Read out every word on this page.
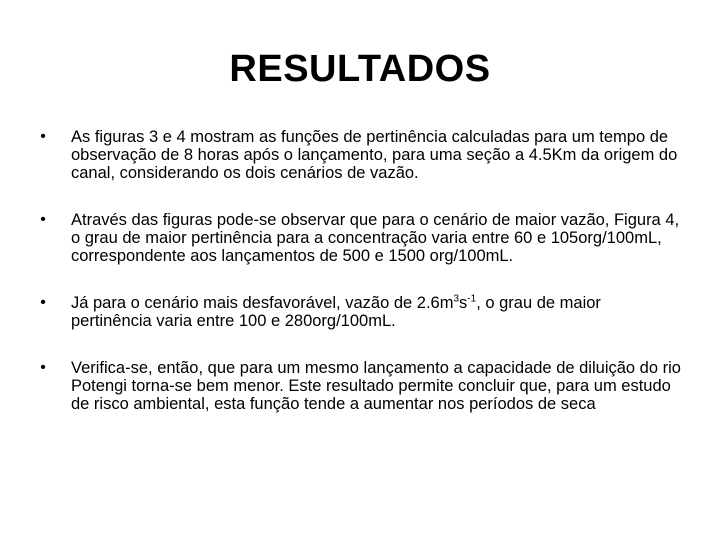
RESULTADOS
• As figuras 3 e 4 mostram as funções de pertinência calculadas para um tempo de observação de 8 horas após o lançamento, para uma seção a 4.5Km da origem do canal, considerando os dois cenários de vazão.
• Através das figuras pode-se observar que para o cenário de maior vazão, Figura 4, o grau de maior pertinência para a concentração varia entre 60 e 105org/100mL, correspondente aos lançamentos de 500 e 1500 org/100mL.
• Já para o cenário mais desfavorável, vazão de $2.6m^3s^{-1}$, o grau de maior pertinência varia entre 100 e 280org/100mL.
• Verifica-se, então, que para um mesmo lançamento a capacidade de diluição do rio Potengi torna-se bem menor. Este resultado permite concluir que, para um estudo de risco ambiental, esta função tende a aumentar nos períodos de seca
